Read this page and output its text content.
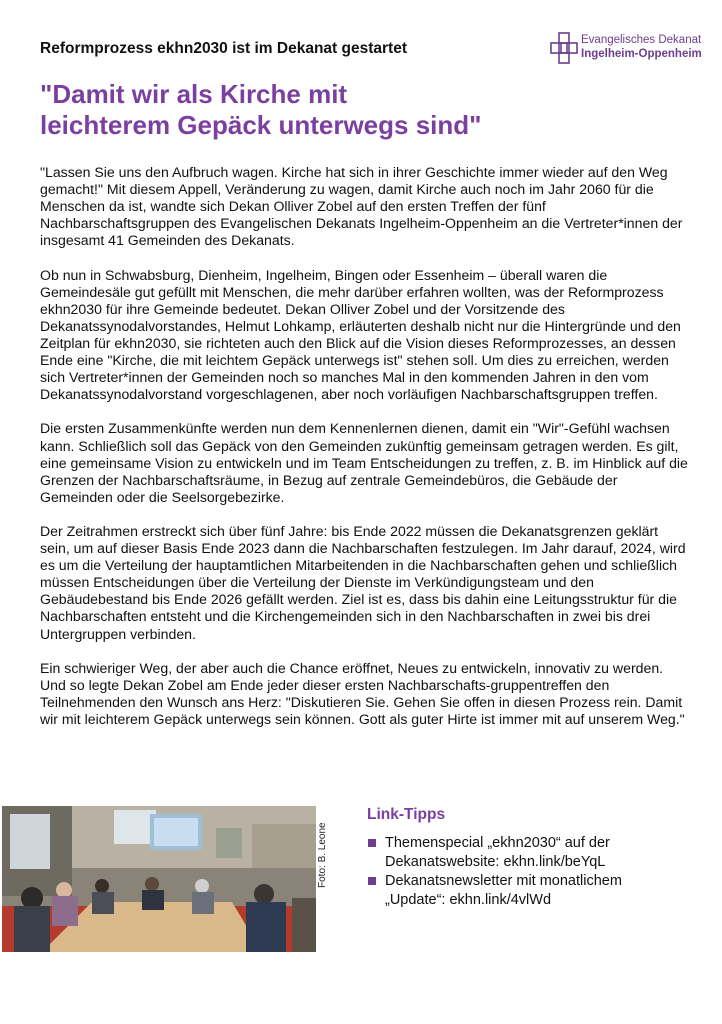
Reformprozess ekhn2030 ist im Dekanat gestartet	Evangelisches Dekanat
Ingelheim-Oppenheim
"Damit wir als Kirche mit
leichterem Gepäck unterwegs sind"

"Lassen Sie uns den Aufbruch wagen. Kirche hat sich in ihrer Geschichte immer wieder auf den Weg gemacht!" Mit diesem Appell, Veränderung zu wagen, damit Kirche auch noch im Jahr 2060 für die Menschen da ist, wandte sich Dekan Olliver Zobel auf den ersten Treffen der fünf Nachbarschaftsgruppen des Evangelischen Dekanats Ingelheim-Oppenheim an die Vertreter*innen der insgesamt 41 Gemeinden des Dekanats.

Ob nun in Schwabsburg, Dienheim, Ingelheim, Bingen oder Essenheim – überall waren die Gemeindesäle gut gefüllt mit Menschen, die mehr darüber erfahren wollten, was der Reformprozess ekhn2030 für ihre Gemeinde bedeutet. Dekan Olliver Zobel und der Vorsitzende des Dekanatssynodalvorstandes, Helmut Lohkamp, erläuterten deshalb nicht nur die Hintergründe und den Zeitplan für ekhn2030, sie richteten auch den Blick auf die Vision dieses Reformprozesses, an dessen Ende eine "Kirche, die mit leichtem Gepäck unterwegs ist" stehen soll. Um dies zu erreichen, werden sich Vertreter*innen der Gemeinden noch so manches Mal in den kommenden Jahren in den vom Dekanatssynodalvorstand vorgeschlagenen, aber noch vorläufigen Nachbarschaftsgruppen treffen.

Die ersten Zusammenkünfte werden nun dem Kennenlernen dienen, damit ein "Wir"-Gefühl wachsen kann. Schließlich soll das Gepäck von den Gemeinden zukünftig gemeinsam getragen werden. Es gilt, eine gemeinsame Vision zu entwickeln und im Team Entscheidungen zu treffen, z. B. im Hinblick auf die Grenzen der Nachbarschaftsräume, in Bezug auf zentrale Gemeindebüros, die Gebäude der Gemeinden oder die Seelsorgebezirke.

Der Zeitrahmen erstreckt sich über fünf Jahre: bis Ende 2022 müssen die Dekanatsgrenzen geklärt sein, um auf dieser Basis Ende 2023 dann die Nachbarschaften festzulegen. Im Jahr darauf, 2024, wird es um die Verteilung der hauptamtlichen Mitarbeitenden in die Nachbarschaften gehen und schließlich müssen Entscheidungen über die Verteilung der Dienste im Verkündigungsteam und den Gebäudebestand bis Ende 2026 gefällt werden. Ziel ist es, dass bis dahin eine Leitungsstruktur für die Nachbarschaften entsteht und die Kirchengemeinden sich in den Nachbarschaften in zwei bis drei Untergruppen verbinden.

Ein schwieriger Weg, der aber auch die Chance eröffnet, Neues zu entwickeln, innovativ zu werden. Und so legte Dekan Zobel am Ende jeder dieser ersten Nachbarschafts-gruppentreffen den Teilnehmenden den Wunsch ans Herz: "Diskutieren Sie. Gehen Sie offen in diesen Prozess rein. Damit wir mit leichterem Gepäck unterwegs sein können. Gott als guter Hirte ist immer mit auf unserem Weg."

Foto: B. Leone
Link-Tipps
Themenspecial „ekhn2030“ auf der
Dekanatswebsite: ekhn.link/beYqL
Dekanatsnewsletter mit monatlichem
„Update“: ekhn.link/4vlWd
